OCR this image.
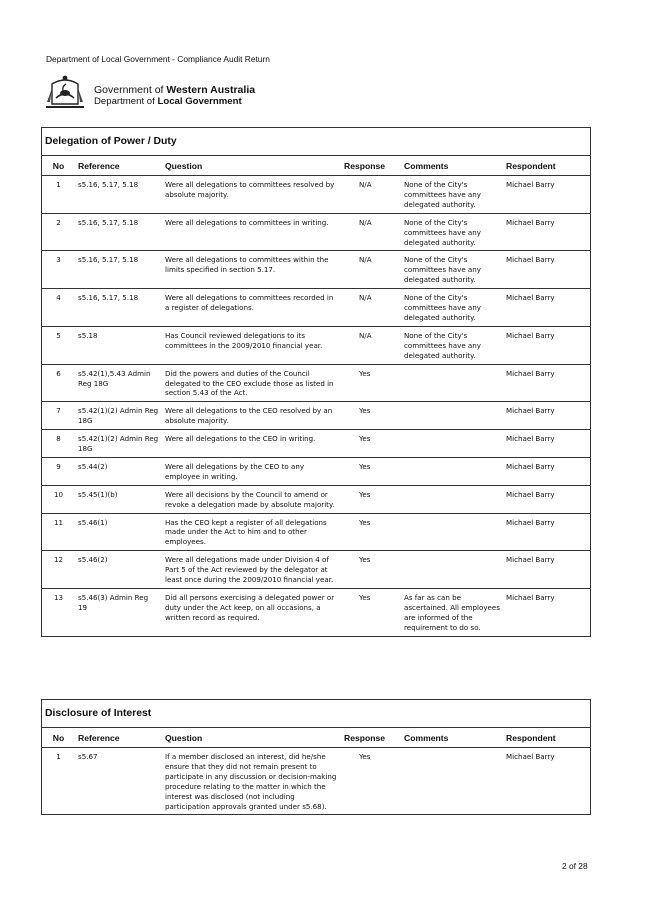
Department of Local Government - Compliance Audit Return
Government of Western Australia
Department of Local Government
Delegation of Power / Duty
No	Reference	Question	Response	Comments	Respondent
1	s5.16, 5.17, 5.18	Were all delegations to committees resolved by absolute majority.	N/A	None of the City's committees have any delegated authority.	Michael Barry
2	s5.16, 5.17, 5.18	Were all delegations to committees in writing.	N/A	None of the City's committees have any delegated authority.	Michael Barry
3	s5.16, 5.17, 5.18	Were all delegations to committees within the limits specified in section 5.17.	N/A	None of the City's committees have any delegated authority.	Michael Barry
4	s5.16, 5.17, 5.18	Were all delegations to committees recorded in a register of delegations.	N/A	None of the City's committees have any delegated authority.	Michael Barry
5	s5.18	Has Council reviewed delegations to its committees in the 2009/2010 financial year.	N/A	None of the City's committees have any delegated authority.	Michael Barry
6	s5.42(1),5.43 Admin Reg 18G	Did the powers and duties of the Council delegated to the CEO exclude those as listed in section 5.43 of the Act.	Yes		Michael Barry
7	s5.42(1)(2) Admin Reg 18G	Were all delegations to the CEO resolved by an absolute majority.	Yes		Michael Barry
8	s5.42(1)(2) Admin Reg 18G	Were all delegations to the CEO in writing.	Yes		Michael Barry
9	s5.44(2)	Were all delegations by the CEO to any employee in writing.	Yes		Michael Barry
10	s5.45(1)(b)	Were all decisions by the Council to amend or revoke a delegation made by absolute majority.	Yes		Michael Barry
11	s5.46(1)	Has the CEO kept a register of all delegations made under the Act to him and to other employees.	Yes		Michael Barry
12	s5.46(2)	Were all delegations made under Division 4 of Part 5 of the Act reviewed by the delegator at least once during the 2009/2010 financial year.	Yes		Michael Barry
13	s5.46(3) Admin Reg 19	Did all persons exercising a delegated power or duty under the Act keep, on all occasions, a written record as required.	Yes	As far as can be ascertained. All employees are informed of the requirement to do so.	Michael Barry
Disclosure of Interest
No	Reference	Question	Response	Comments	Respondent
1	s5.67	If a member disclosed an interest, did he/she ensure that they did not remain present to participate in any discussion or decision-making procedure relating to the matter in which the interest was disclosed (not including participation approvals granted under s5.68).	Yes		Michael Barry
2 of 28
